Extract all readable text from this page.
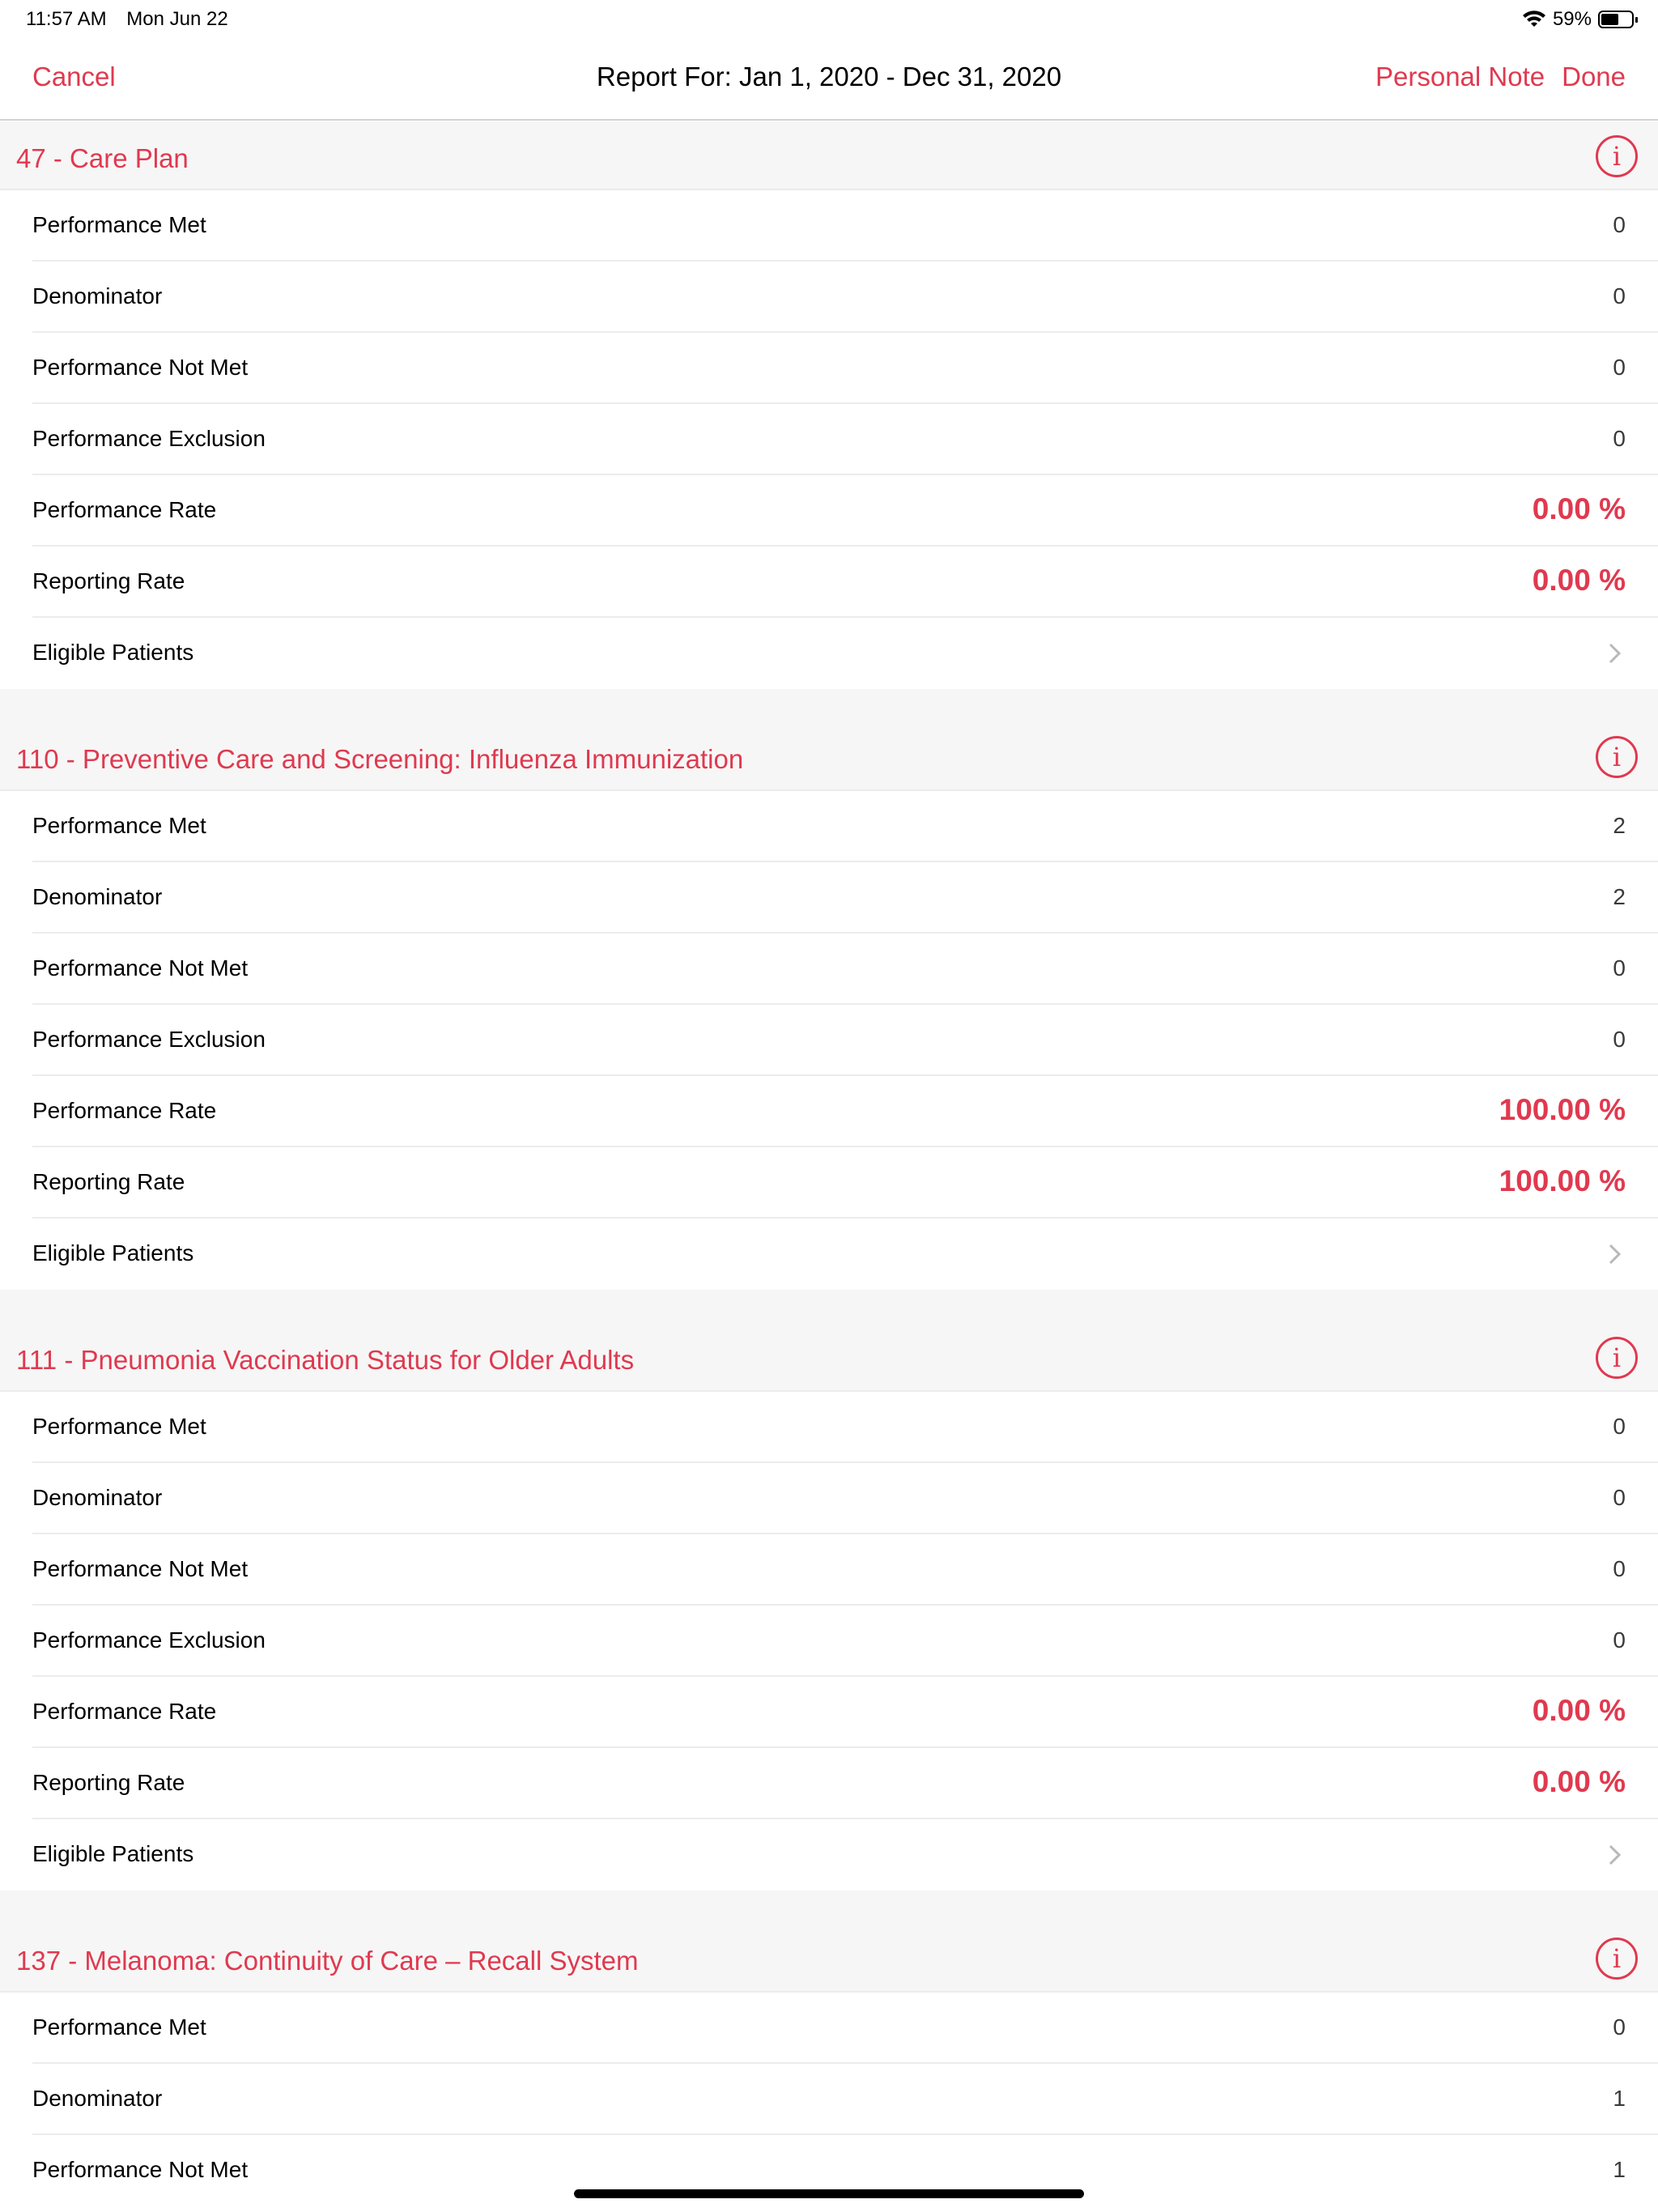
11:57 AM Mon Jun 22	59%
Cancel	Report For: Jan 1, 2020 - Dec 31, 2020	Personal Note Done
47 - Care Plan	i
Performance Met	0
Denominator	0
Performance Not Met	0
Performance Exclusion	0
Performance Rate	0.00 %
Reporting Rate	0.00 %
Eligible Patients
110 - Preventive Care and Screening: Influenza Immunization	i
Performance Met	2
Denominator	2
Performance Not Met	0
Performance Exclusion	0
Performance Rate	100.00 %
Reporting Rate	100.00 %
Eligible Patients
111 - Pneumonia Vaccination Status for Older Adults	i
Performance Met	0
Denominator	0
Performance Not Met	0
Performance Exclusion	0
Performance Rate	0.00 %
Reporting Rate	0.00 %
Eligible Patients
137 - Melanoma: Continuity of Care – Recall System	i
Performance Met	0
Denominator	1
Performance Not Met	1
